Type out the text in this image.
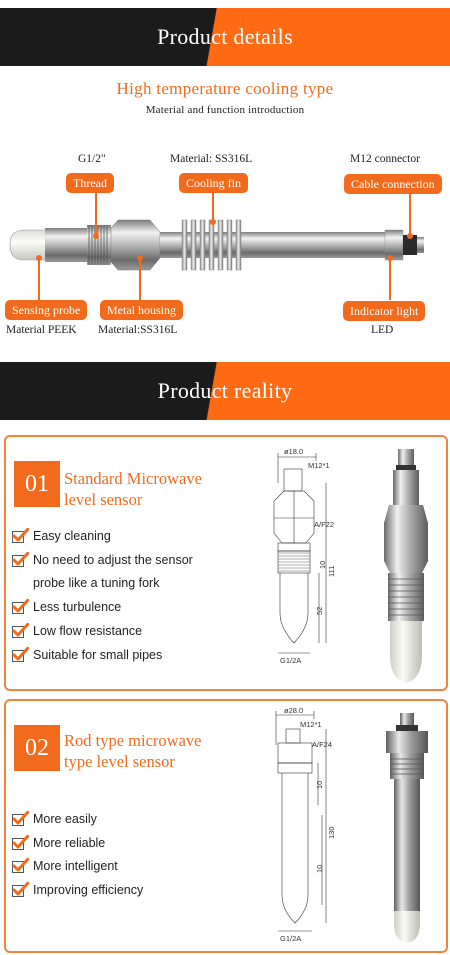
Product details
High temperature cooling type
Material and function introduction
G1/2"	Material: SS316L	M12 connector
Thread	Cooling fin	Cable connection
Sensing probe	Metal housing	Indicator light
Material PEEK Material:SS316L	LED
Product reality
01 Standard Microwave
level sensor
Easy cleaning
No need to adjust the sensor
probe like a tuning fork
Less turbulence
Low flow resistance
Suitable for small pipes
ø18.0
M12*1
A/F22
52
10
111
G1/2A
02 Rod type microwave
type level sensor
More easily
More reliable
More intelligent
Improving efficiency
ø28.0
M12*1
A/F24
10
130
10
G1/2A
